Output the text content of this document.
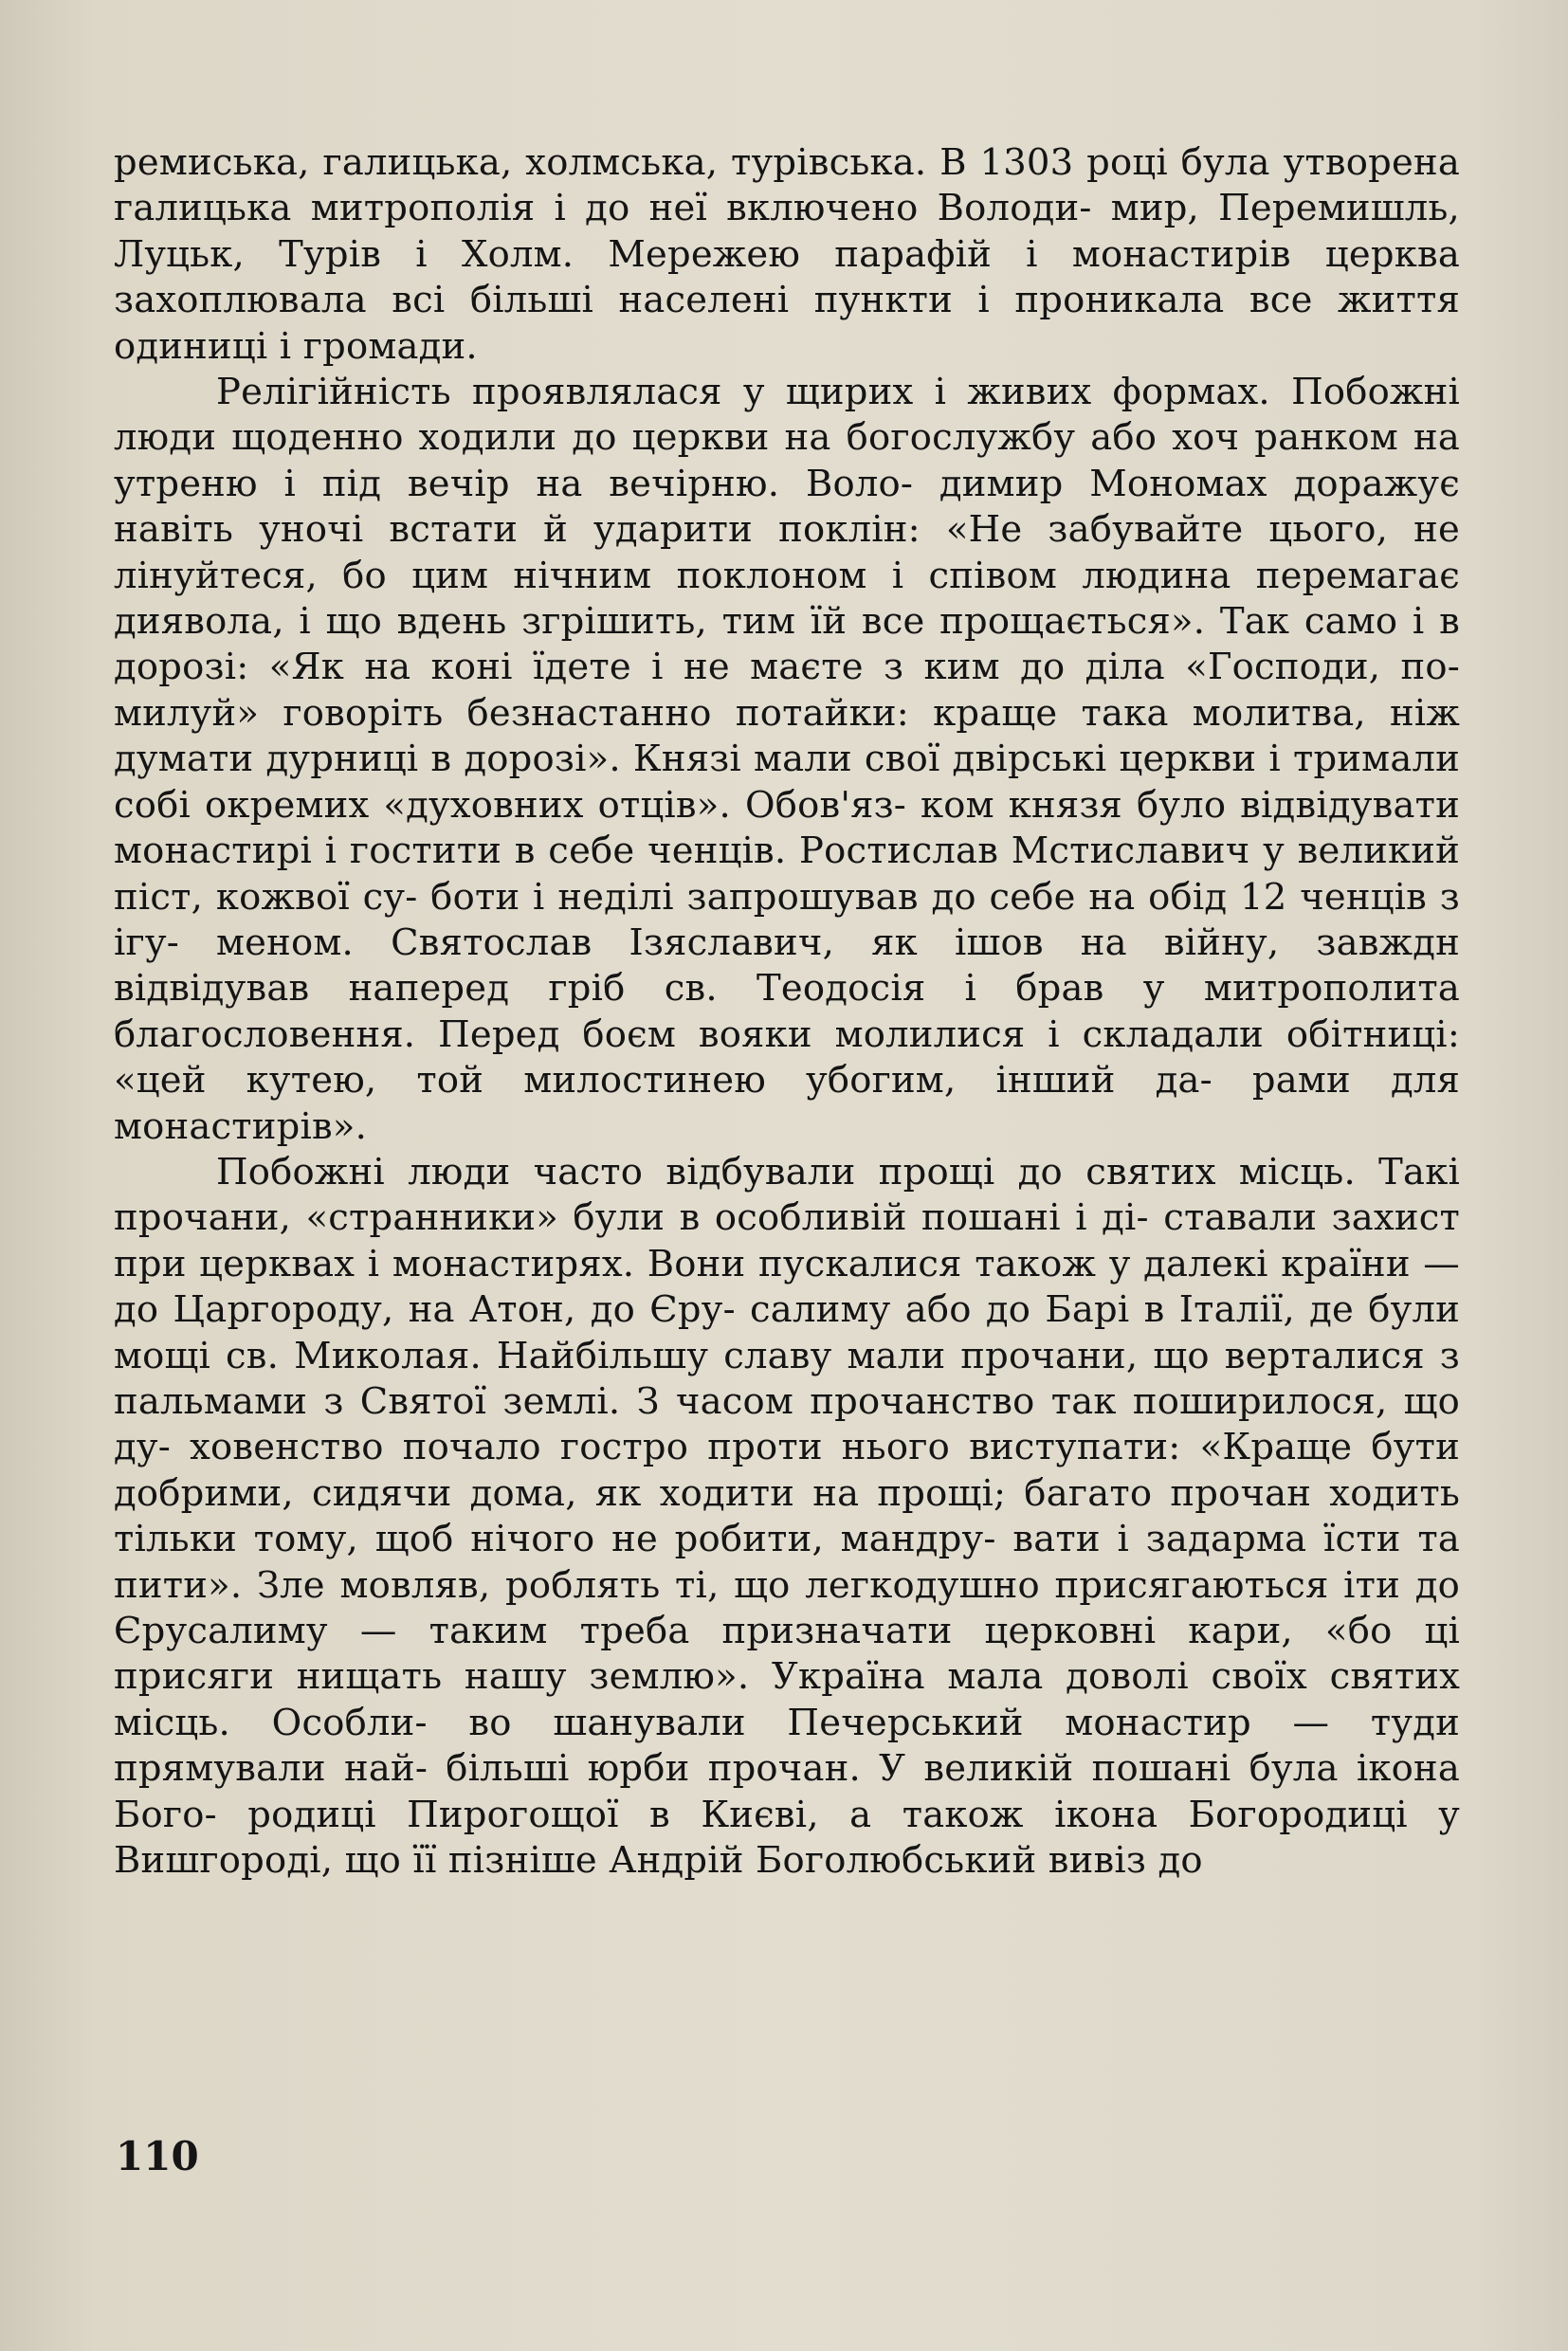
ремиська, галицька, холмська, турівська. В 1303 році була утворена галицька митрополія і до неї включено Володи- мир, Перемишль, Луцьк, Турів і Холм. Мережею парафій і монастирів церква захоплювала всі більші населені пункти і проникала все життя одиниці і громади.

Релігійність проявлялася у щирих і живих формах. Побожні люди щоденно ходили до церкви на богослужбу або хоч ранком на утреню і під вечір на вечірню. Воло- димир Мономах доражує навіть уночі встати й ударити поклін: «Не забувайте цього, не лінуйтеся, бо цим нічним поклоном і співом людина перемагає диявола, і що вдень згрішить, тим їй все прощається». Так само і в дорозі: «Як на коні їдете і не маєте з ким до діла «Господи, по- милуй» говоріть безнастанно потайки: краще така молитва, ніж думати дурниці в дорозі». Князі мали свої двірські церкви і тримали собі окремих «духовних отців». Обов'яз- ком князя було відвідувати монастирі і гостити в себе ченців. Ростислав Мстиславич у великий піст, кожвої су- боти і неділі запрошував до себе на обід 12 ченців з ігу- меном. Святослав Ізяславич, як ішов на війну, завждн відвідував наперед гріб св. Теодосія і брав у митрополита благословення. Перед боєм вояки молилися і складали обітниці: «цей кутею, той милостинею убогим, інший да- рами для монастирів».

Побожні люди часто відбували прощі до святих місць. Такі прочани, «странники» були в особливій пошані і ді- ставали захист при церквах і монастирях. Вони пускалися також у далекі країни — до Царгороду, на Атон, до Єру- салиму або до Барі в Італії, де були мощі св. Миколая. Найбільшу славу мали прочани, що верталися з пальмами з Святої землі. З часом прочанство так поширилося, що ду- ховенство почало гостро проти нього виступати: «Краще бути добрими, сидячи дома, як ходити на прощі; багато прочан ходить тільки тому, щоб нічого не робити, мандру- вати і задарма їсти та пити». Зле мовляв, роблять ті, що легкодушно присягаються іти до Єрусалиму — таким треба призначати церковні кари, «бо ці присяги нищать нашу землю». Україна мала доволі своїх святих місць. Особли- во шанували Печерський монастир — туди прямували най- більші юрби прочан. У великій пошані була ікона Бого- родиці Пирогощої в Києві, а також ікона Богородиці у Вишгороді, що її пізніше Андрій Боголюбський вивіз до

110
